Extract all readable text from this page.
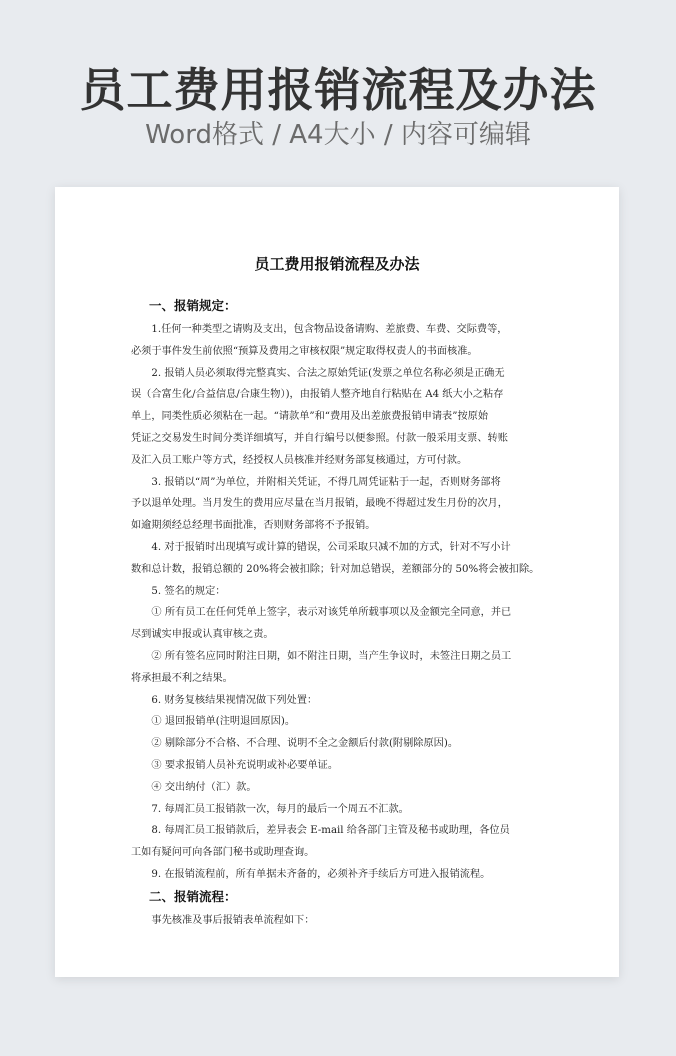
员工费用报销流程及办法
Word格式 / A4大小 / 内容可编辑
员工费用报销流程及办法
一、报销规定：

1.任何一种类型之请购及支出，包含物品设备请购、差旅费、车费、交际费等，
必须于事件发生前依照“预算及费用之审核权限”规定取得权责人的书面核准。

2. 报销人员必须取得完整真实、合法之原始凭证(发票之单位名称必须是正确无
误（合富生化/合益信息/合康生物）)，由报销人整齐地自行粘贴在 A4 纸大小之粘存
单上，同类性质必须粘在一起。“请款单”和“费用及出差旅费报销申请表”按原始
凭证之交易发生时间分类详细填写，并自行编号以便参照。付款一般采用支票、转账
及汇入员工账户等方式，经授权人员核准并经财务部复核通过，方可付款。

3. 报销以“周”为单位，并附相关凭证，不得几周凭证粘于一起，否则财务部将
予以退单处理。当月发生的费用应尽量在当月报销，最晚不得超过发生月份的次月，
如逾期须经总经理书面批准，否则财务部将不予报销。

4. 对于报销时出现填写或计算的错误，公司采取只减不加的方式，针对不写小计
数和总计数，报销总额的 20%将会被扣除；针对加总错误，差额部分的 50%将会被扣除。

5. 签名的规定：

① 所有员工在任何凭单上签字，表示对该凭单所载事项以及金额完全同意，并已
尽到诚实申报或认真审核之责。

② 所有签名应同时附注日期，如不附注日期，当产生争议时，未签注日期之员工
将承担最不利之结果。

6. 财务复核结果视情况做下列处置：

① 退回报销单(注明退回原因)。

② 剔除部分不合格、不合理、说明不全之金额后付款(附剔除原因)。

③ 要求报销人员补充说明或补必要单证。

④ 交出纳付（汇）款。

7. 每周汇员工报销款一次，每月的最后一个周五不汇款。

8. 每周汇员工报销款后，差异表会 E-mail 给各部门主管及秘书或助理，各位员
工如有疑问可向各部门秘书或助理查询。

9. 在报销流程前，所有单据未齐备的，必须补齐手续后方可进入报销流程。

二、报销流程：

事先核准及事后报销表单流程如下：
